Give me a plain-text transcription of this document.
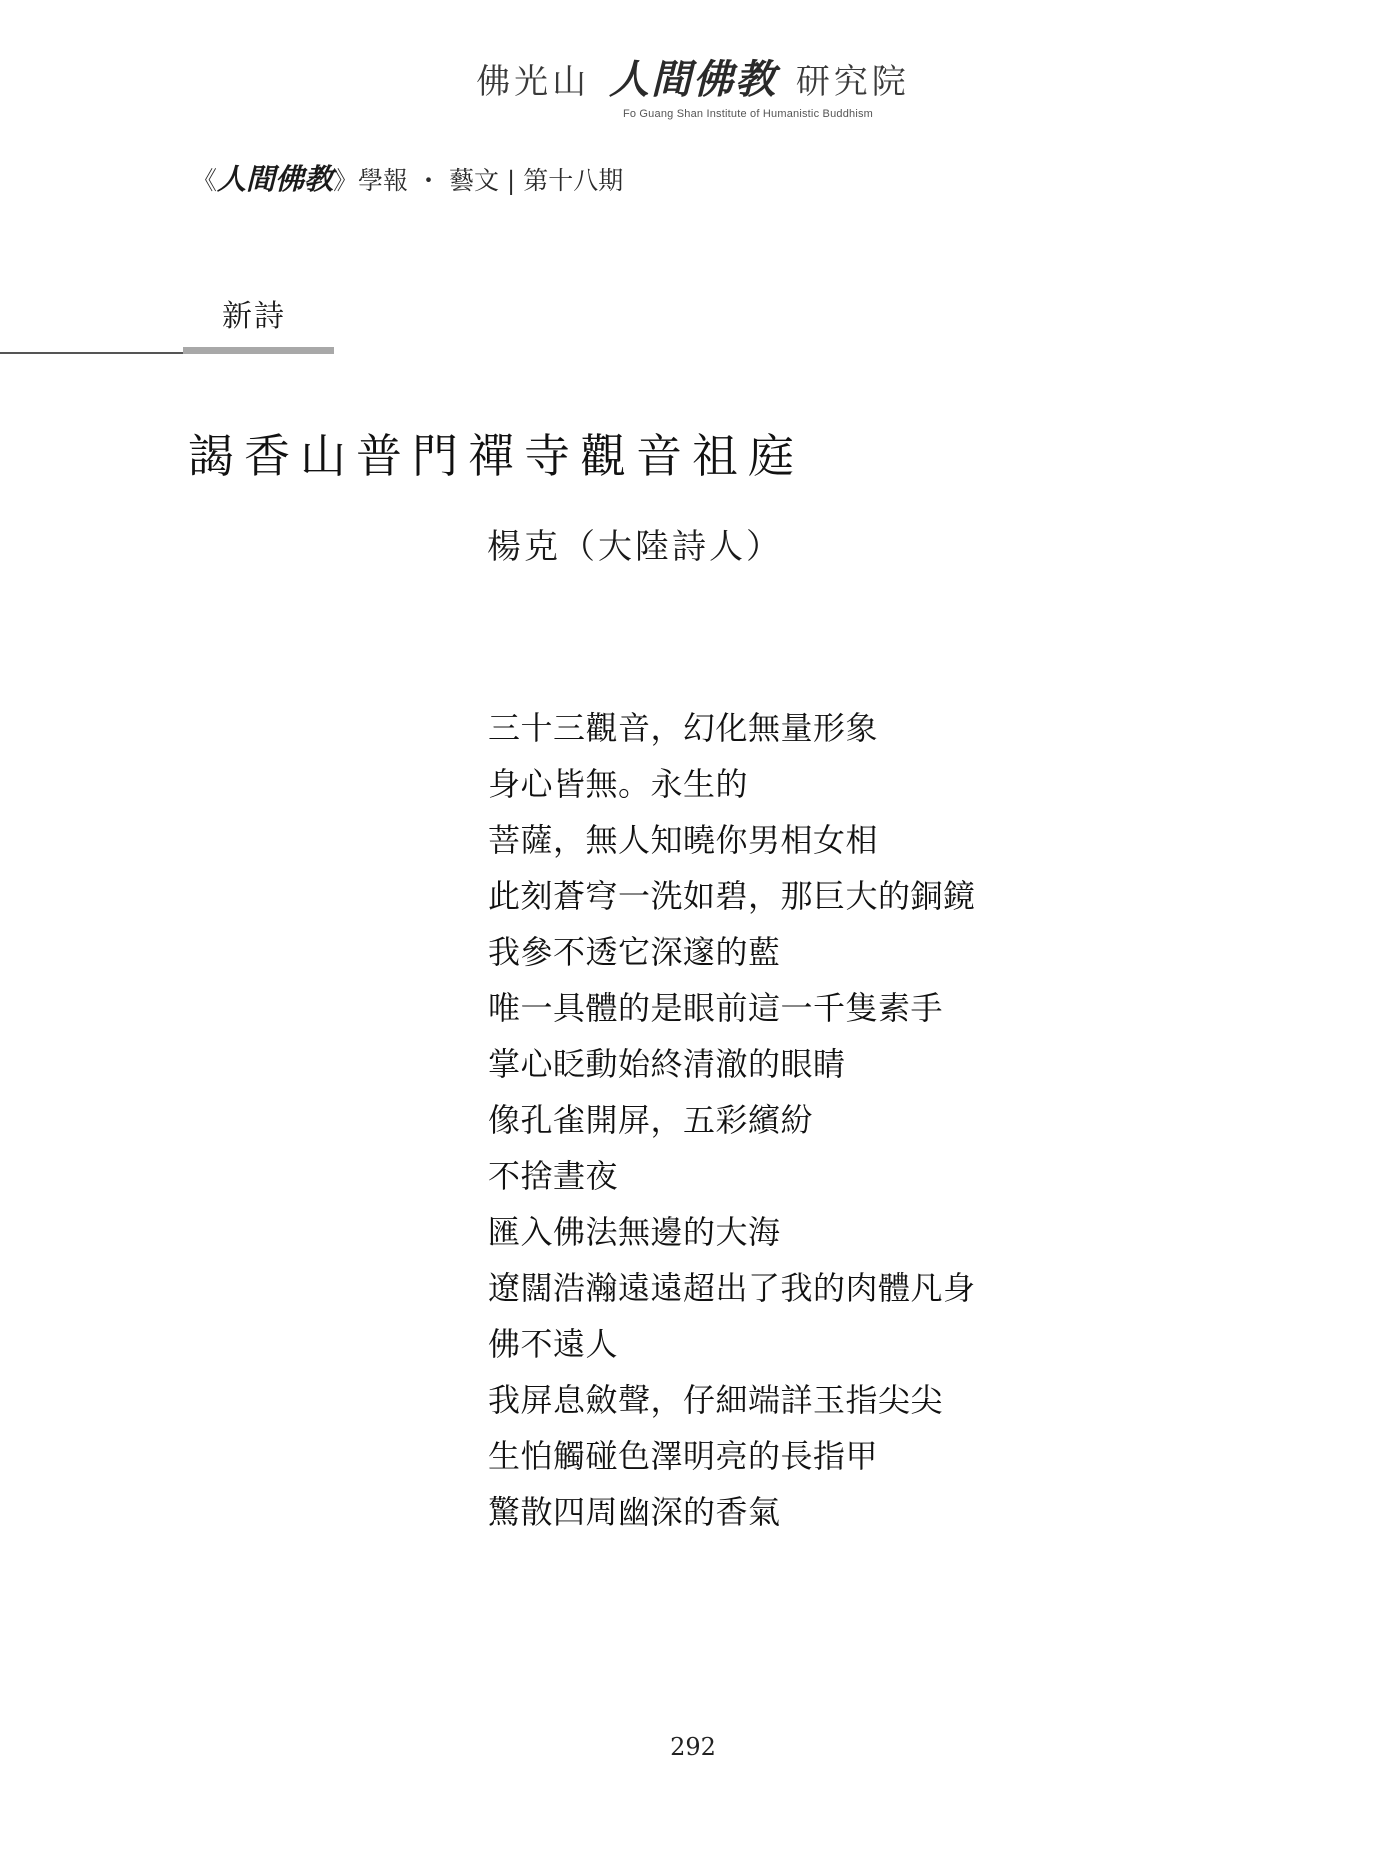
佛光山 人間佛教 研究院
Fo Guang Shan Institute of Humanistic Buddhism
《人間佛教》學報 ・ 藝文 | 第十八期
新詩
謁香山普門禪寺觀音祖庭
楊克（大陸詩人）
三十三觀音，幻化無量形象
身心皆無。永生的
菩薩，無人知曉你男相女相
此刻蒼穹一洗如碧，那巨大的銅鏡
我參不透它深邃的藍
唯一具體的是眼前這一千隻素手
掌心眨動始終清澈的眼睛
像孔雀開屏，五彩繽紛
不捨晝夜
匯入佛法無邊的大海
遼闊浩瀚遠遠超出了我的肉體凡身
佛不遠人
我屏息斂聲，仔細端詳玉指尖尖
生怕觸碰色澤明亮的長指甲
驚散四周幽深的香氣
292
